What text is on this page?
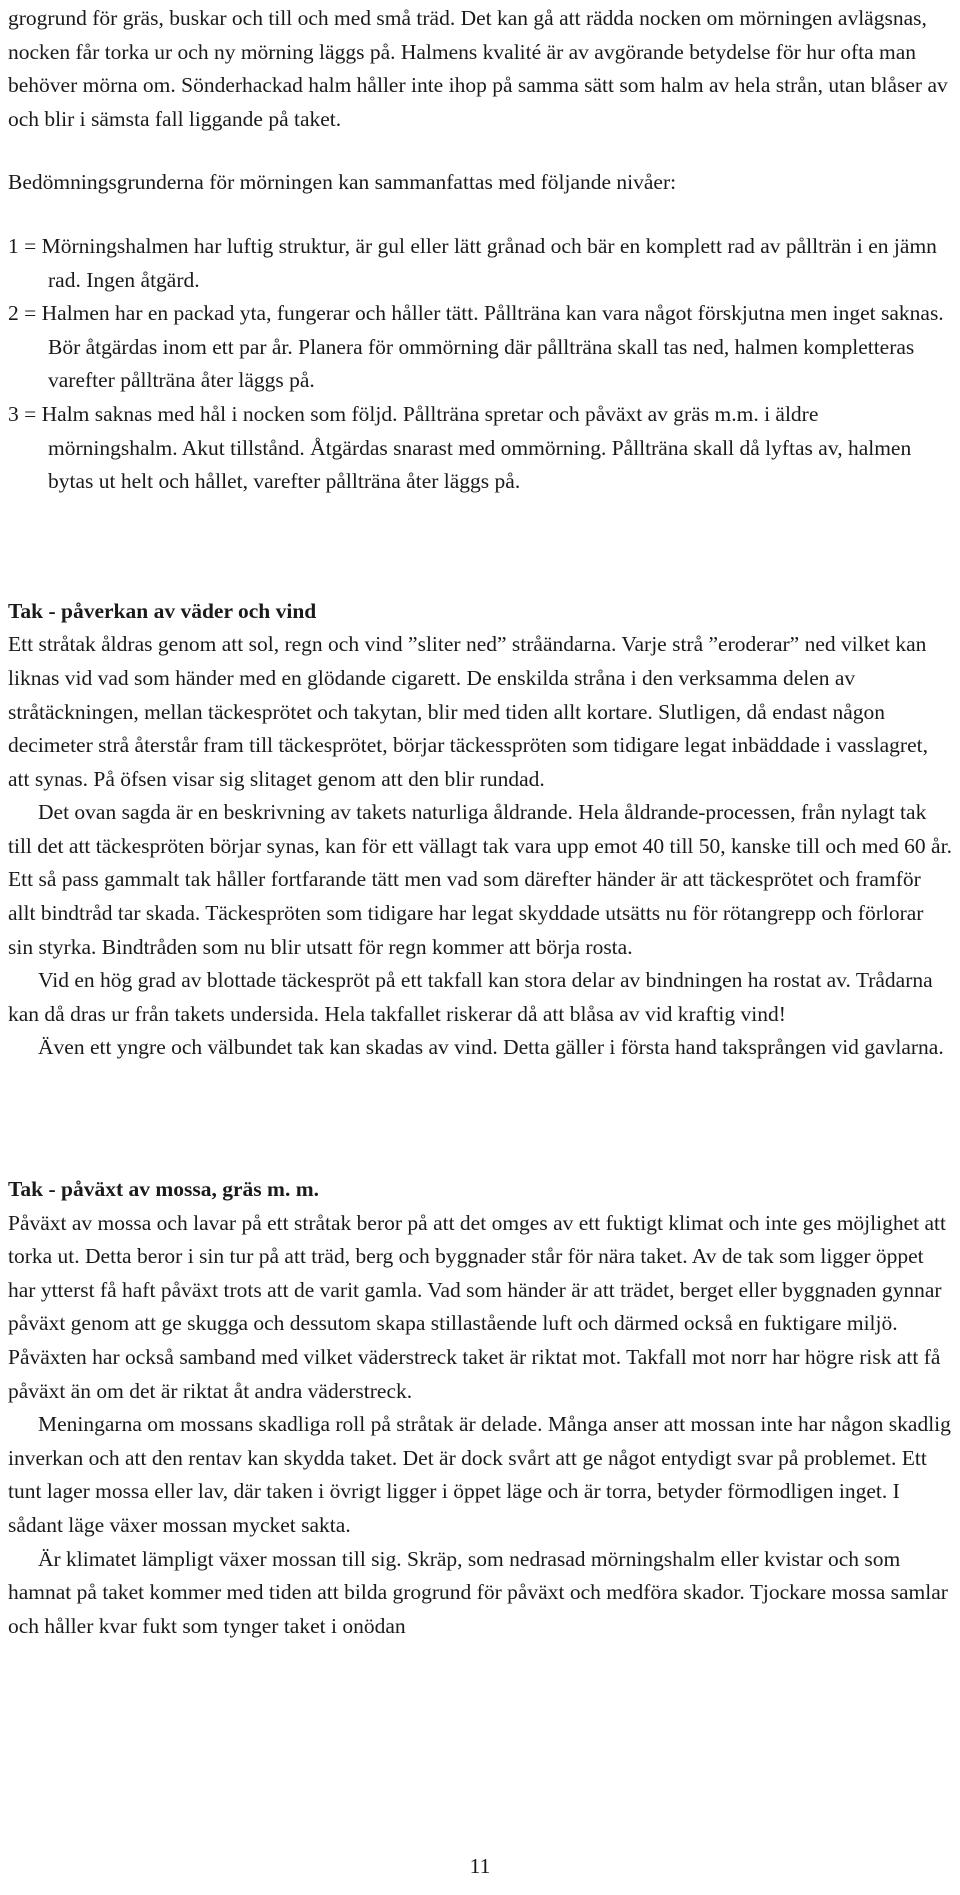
grogrund för gräs, buskar och till och med små träd. Det kan gå att rädda nocken om mörningen avlägsnas, nocken får torka ur och ny mörning läggs på. Halmens kvalité är av avgörande betydelse för hur ofta man behöver mörna om. Sönderhackad halm håller inte ihop på samma sätt som halm av hela strån, utan blåser av och blir i sämsta fall liggande på taket.

Bedömningsgrunderna för mörningen kan sammanfattas med följande nivåer:

1 = Mörningshalmen har luftig struktur, är gul eller lätt grånad och bär en komplett rad av pållträn i en jämn rad. Ingen åtgärd.
2 = Halmen har en packad yta, fungerar och håller tätt. Pållträna kan vara något förskjutna men inget saknas. Bör åtgärdas inom ett par år. Planera för ommörning där pållträna skall tas ned, halmen kompletteras varefter pållträna åter läggs på.
3 = Halm saknas med hål i nocken som följd. Pållträna spretar och påväxt av gräs m.m. i äldre mörningshalm. Akut tillstånd. Åtgärdas snarast med ommörning. Pållträna skall då lyftas av, halmen bytas ut helt och hållet, varefter pållträna åter läggs på.

Tak - påverkan av väder och vind

Ett stråtak åldras genom att sol, regn och vind ”sliter ned” stråändarna. Varje strå ”eroderar” ned vilket kan liknas vid vad som händer med en glödande cigarett. De enskilda stråna i den verksamma delen av stråtäckningen, mellan täckesprötet och takytan, blir med tiden allt kortare. Slutligen, då endast någon decimeter strå återstår fram till täckesprötet, börjar täckesspröten som tidigare legat inbäddade i vasslagret, att synas. På öfsen visar sig slitaget genom att den blir rundad.

Det ovan sagda är en beskrivning av takets naturliga åldrande. Hela åldrande-processen, från nylagt tak till det att täckespröten börjar synas, kan för ett vällagt tak vara upp emot 40 till 50, kanske till och med 60 år. Ett så pass gammalt tak håller fortfarande tätt men vad som därefter händer är att täckesprötet och framför allt bindtråd tar skada. Täckespröten som tidigare har legat skyddade utsätts nu för rötangrepp och förlorar sin styrka. Bindtråden som nu blir utsatt för regn kommer att börja rosta.

Vid en hög grad av blottade täckespröt på ett takfall kan stora delar av bindningen ha rostat av. Trådarna kan då dras ur från takets undersida. Hela takfallet riskerar då att blåsa av vid kraftig vind!

Även ett yngre och välbundet tak kan skadas av vind. Detta gäller i första hand taksprången vid gavlarna.

Tak - påväxt av mossa, gräs m. m.

Påväxt av mossa och lavar på ett stråtak beror på att det omges av ett fuktigt klimat och inte ges möjlighet att torka ut. Detta beror i sin tur på att träd, berg och byggnader står för nära taket. Av de tak som ligger öppet har ytterst få haft påväxt trots att de varit gamla. Vad som händer är att trädet, berget eller byggnaden gynnar påväxt genom att ge skugga och dessutom skapa stillastående luft och därmed också en fuktigare miljö. Påväxten har också samband med vilket väderstreck taket är riktat mot. Takfall mot norr har högre risk att få påväxt än om det är riktat åt andra väderstreck.

Meningarna om mossans skadliga roll på stråtak är delade. Många anser att mossan inte har någon skadlig inverkan och att den rentav kan skydda taket. Det är dock svårt att ge något entydigt svar på problemet. Ett tunt lager mossa eller lav, där taken i övrigt ligger i öppet läge och är torra, betyder förmodligen inget. I sådant läge växer mossan mycket sakta.

Är klimatet lämpligt växer mossan till sig. Skräp, som nedrasad mörningshalm eller kvistar och som hamnat på taket kommer med tiden att bilda grogrund för påväxt och medföra skador. Tjockare mossa samlar och håller kvar fukt som tynger taket i onödan

11
